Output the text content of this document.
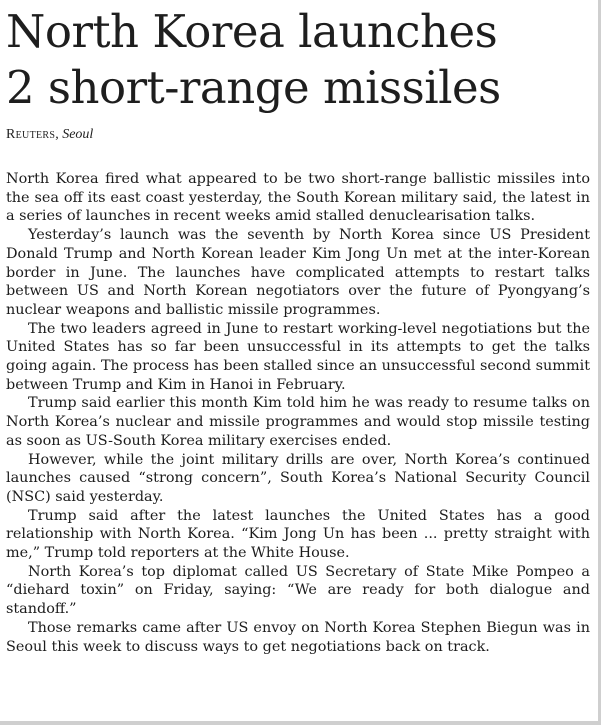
North Korea launches
2 short-range missiles
Reuters, Seoul

North Korea fired what appeared to be two short-range ballistic missiles into the sea off its east coast yesterday, the South Korean military said, the latest in a series of launches in recent weeks amid stalled denuclearisation talks.

Yesterday’s launch was the seventh by North Korea since US President Donald Trump and North Korean leader Kim Jong Un met at the inter-Korean border in June. The launches have complicated attempts to restart talks between US and North Korean negotiators over the future of Pyongyang’s nuclear weapons and ballistic missile programmes.

The two leaders agreed in June to restart working-level negotiations but the United States has so far been unsuccessful in its attempts to get the talks going again. The process has been stalled since an unsuccessful second summit between Trump and Kim in Hanoi in February.

Trump said earlier this month Kim told him he was ready to resume talks on North Korea’s nuclear and missile programmes and would stop missile testing as soon as US-South Korea military exercises ended.

However, while the joint military drills are over, North Korea’s continued launches caused “strong concern”, South Korea’s National Security Council (NSC) said yesterday.

Trump said after the latest launches the United States has a good relationship with North Korea. “Kim Jong Un has been ... pretty straight with me,” Trump told reporters at the White House.

North Korea’s top diplomat called US Secretary of State Mike Pompeo a “diehard toxin” on Friday, saying: “We are ready for both dialogue and standoff.”

Those remarks came after US envoy on North Korea Stephen Biegun was in Seoul this week to discuss ways to get negotiations back on track.
